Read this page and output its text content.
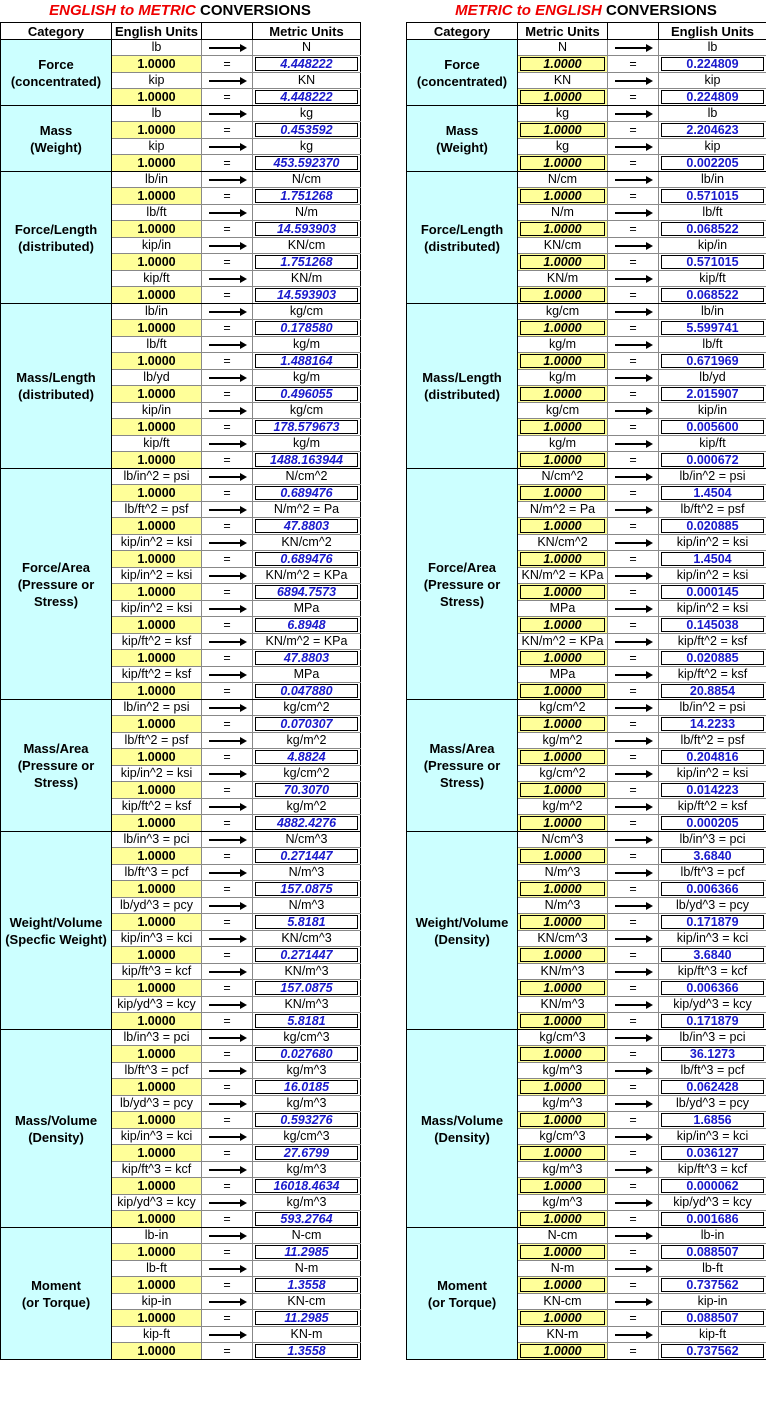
ENGLISH to METRIC CONVERSIONS
Category	English Units		Metric Units
Force
(concentrated)	lb		N

	1.0000	=	4.448222

	kip		KN

	1.0000	=	4.448222

Mass
(Weight)	lb		kg

	1.0000	=	0.453592

	kip		kg

	1.0000	=	453.592370

Force/Length
(distributed)	lb/in		N/cm

	1.0000	=	1.751268

	lb/ft		N/m

	1.0000	=	14.593903

	kip/in		KN/cm

	1.0000	=	1.751268

	kip/ft		KN/m

	1.0000	=	14.593903

Mass/Length
(distributed)	lb/in		kg/cm

	1.0000	=	0.178580

	lb/ft		kg/m

	1.0000	=	1.488164

	lb/yd		kg/m

	1.0000	=	0.496055

	kip/in		kg/cm

	1.0000	=	178.579673

	kip/ft		kg/m

	1.0000	=	1488.163944

Force/Area
(Pressure or
Stress)	lb/in^2 = psi		N/cm^2

	1.0000	=	0.689476

	lb/ft^2 = psf		N/m^2 = Pa

	1.0000	=	47.8803

	kip/in^2 = ksi		KN/cm^2

	1.0000	=	0.689476

	kip/in^2 = ksi		KN/m^2 = KPa

	1.0000	=	6894.7573

	kip/in^2 = ksi		MPa

	1.0000	=	6.8948

	kip/ft^2 = ksf		KN/m^2 = KPa

	1.0000	=	47.8803

	kip/ft^2 = ksf		MPa

	1.0000	=	0.047880

Mass/Area
(Pressure or
Stress)	lb/in^2 = psi		kg/cm^2

	1.0000	=	0.070307

	lb/ft^2 = psf		kg/m^2

	1.0000	=	4.8824

	kip/in^2 = ksi		kg/cm^2

	1.0000	=	70.3070

	kip/ft^2 = ksf		kg/m^2

	1.0000	=	4882.4276

Weight/Volume
(Specfic Weight)	lb/in^3 = pci		N/cm^3

	1.0000	=	0.271447

	lb/ft^3 = pcf		N/m^3

	1.0000	=	157.0875

	lb/yd^3 = pcy		N/m^3

	1.0000	=	5.8181

	kip/in^3 = kci		KN/cm^3

	1.0000	=	0.271447

	kip/ft^3 = kcf		KN/m^3

	1.0000	=	157.0875

	kip/yd^3 = kcy		KN/m^3

	1.0000	=	5.8181

Mass/Volume
(Density)	lb/in^3 = pci		kg/cm^3

	1.0000	=	0.027680

	lb/ft^3 = pcf		kg/m^3

	1.0000	=	16.0185

	lb/yd^3 = pcy		kg/m^3

	1.0000	=	0.593276

	kip/in^3 = kci		kg/cm^3

	1.0000	=	27.6799

	kip/ft^3 = kcf		kg/m^3

	1.0000	=	16018.4634

	kip/yd^3 = kcy		kg/m^3

	1.0000	=	593.2764

Moment
(or Torque)	lb-in		N-cm

	1.0000	=	11.2985

	lb-ft		N-m

	1.0000	=	1.3558

	kip-in		KN-cm

	1.0000	=	11.2985

	kip-ft		KN-m

	1.0000	=	1.3558
METRIC to ENGLISH CONVERSIONS
Category	Metric Units		English Units
Force
(concentrated)	N		lb

	1.0000	=	0.224809

	KN		kip

	1.0000	=	0.224809

Mass
(Weight)	kg		lb

	1.0000	=	2.204623

	kg		kip

	1.0000	=	0.002205

Force/Length
(distributed)	N/cm		lb/in

	1.0000	=	0.571015

	N/m		lb/ft

	1.0000	=	0.068522

	KN/cm		kip/in

	1.0000	=	0.571015

	KN/m		kip/ft

	1.0000	=	0.068522

Mass/Length
(distributed)	kg/cm		lb/in

	1.0000	=	5.599741

	kg/m		lb/ft

	1.0000	=	0.671969

	kg/m		lb/yd

	1.0000	=	2.015907

	kg/cm		kip/in

	1.0000	=	0.005600

	kg/m		kip/ft

	1.0000	=	0.000672

Force/Area
(Pressure or
Stress)	N/cm^2		lb/in^2 = psi

	1.0000	=	1.4504

	N/m^2 = Pa		lb/ft^2 = psf

	1.0000	=	0.020885

	KN/cm^2		kip/in^2 = ksi

	1.0000	=	1.4504

	KN/m^2 = KPa		kip/in^2 = ksi

	1.0000	=	0.000145

	MPa		kip/in^2 = ksi

	1.0000	=	0.145038

	KN/m^2 = KPa		kip/ft^2 = ksf

	1.0000	=	0.020885

	MPa		kip/ft^2 = ksf

	1.0000	=	20.8854

Mass/Area
(Pressure or
Stress)	kg/cm^2		lb/in^2 = psi

	1.0000	=	14.2233

	kg/m^2		lb/ft^2 = psf

	1.0000	=	0.204816

	kg/cm^2		kip/in^2 = ksi

	1.0000	=	0.014223

	kg/m^2		kip/ft^2 = ksf

	1.0000	=	0.000205

Weight/Volume
(Density)	N/cm^3		lb/in^3 = pci

	1.0000	=	3.6840

	N/m^3		lb/ft^3 = pcf

	1.0000	=	0.006366

	N/m^3		lb/yd^3 = pcy

	1.0000	=	0.171879

	KN/cm^3		kip/in^3 = kci

	1.0000	=	3.6840

	KN/m^3		kip/ft^3 = kcf

	1.0000	=	0.006366

	KN/m^3		kip/yd^3 = kcy

	1.0000	=	0.171879

Mass/Volume
(Density)	kg/cm^3		lb/in^3 = pci

	1.0000	=	36.1273

	kg/m^3		lb/ft^3 = pcf

	1.0000	=	0.062428

	kg/m^3		lb/yd^3 = pcy

	1.0000	=	1.6856

	kg/cm^3		kip/in^3 = kci

	1.0000	=	0.036127

	kg/m^3		kip/ft^3 = kcf

	1.0000	=	0.000062

	kg/m^3		kip/yd^3 = kcy

	1.0000	=	0.001686

Moment
(or Torque)	N-cm		lb-in

	1.0000	=	0.088507

	N-m		lb-ft

	1.0000	=	0.737562

	KN-cm		kip-in

	1.0000	=	0.088507

	KN-m		kip-ft

	1.0000	=	0.737562
